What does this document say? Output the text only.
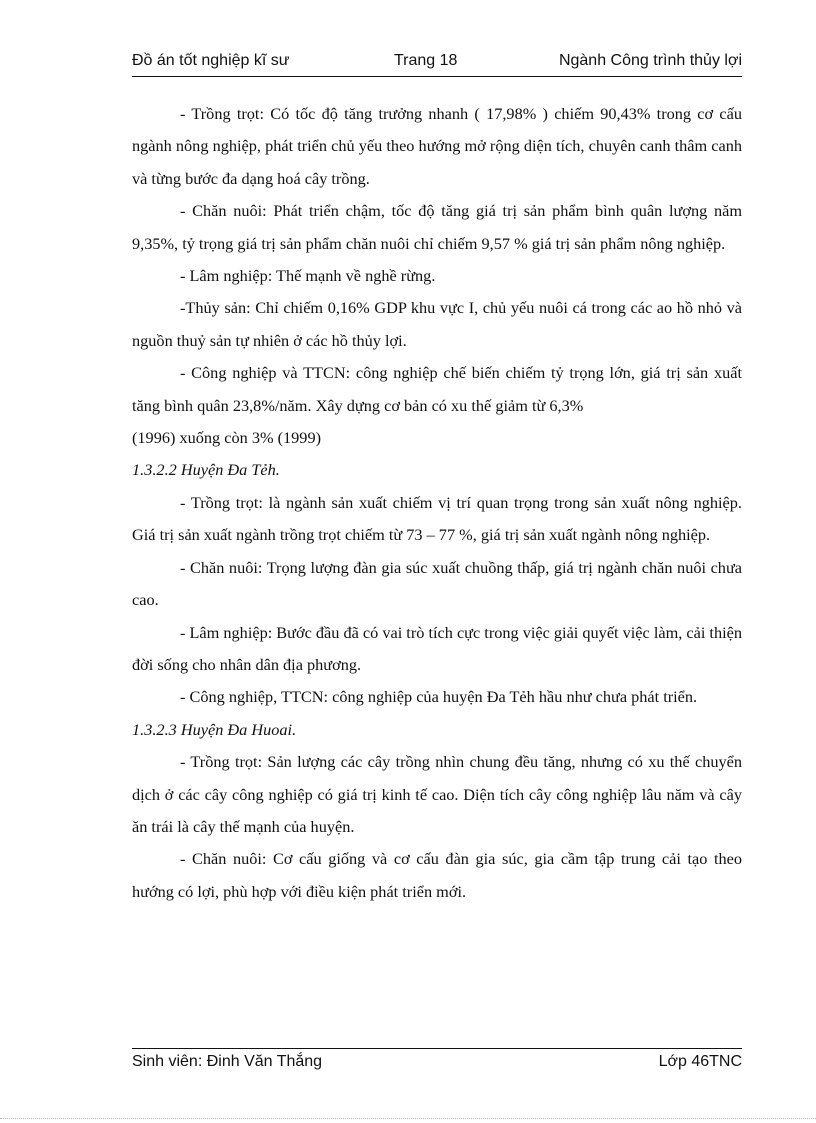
Đồ án tốt nghiệp kĩ sư	Trang 18	Ngành Công trình thủy lợi

- Trồng trọt: Có tốc độ tăng trưởng nhanh ( 17,98% ) chiếm 90,43% trong cơ cấu ngành nông nghiệp, phát triển chủ yếu theo hướng mở rộng diện tích, chuyên canh thâm canh và từng bước đa dạng hoá cây trồng.

- Chăn nuôi: Phát triển chậm, tốc độ tăng giá trị sản phẩm bình quân lượng năm 9,35%, tỷ trọng giá trị sản phẩm chăn nuôi chỉ chiếm 9,57 % giá trị sản phẩm nông nghiệp.

- Lâm nghiệp: Thế mạnh về nghề rừng.

-Thủy sản: Chỉ chiếm 0,16% GDP khu vực I, chủ yếu nuôi cá trong các ao hồ nhỏ và nguồn thuỷ sản tự nhiên ở các hồ thủy lợi.

- Công nghiệp và TTCN: công nghiệp chế biến chiếm tỷ trọng lớn, giá trị sản xuất tăng bình quân 23,8%/năm. Xây dựng cơ bản có xu thế giảm từ 6,3%

(1996) xuống còn 3% (1999)

1.3.2.2 Huyện Đa Tẻh.

- Trồng trọt: là ngành sản xuất chiếm vị trí quan trọng trong sản xuất nông nghiệp. Giá trị sản xuất ngành trồng trọt chiếm từ 73 – 77 %, giá trị sản xuất ngành nông nghiệp.

- Chăn nuôi: Trọng lượng đàn gia súc xuất chuồng thấp, giá trị ngành chăn nuôi chưa cao.

- Lâm nghiệp: Bước đầu đã có vai trò tích cực trong việc giải quyết việc làm, cải thiện đời sống cho nhân dân địa phương.

- Công nghiệp, TTCN: công nghiệp của huyện Đa Tẻh hầu như chưa phát triển.

1.3.2.3 Huyện Đa Huoai.

- Trồng trọt: Sản lượng các cây trồng nhìn chung đều tăng, nhưng có xu thế chuyển dịch ở các cây công nghiệp có giá trị kinh tế cao. Diện tích cây công nghiệp lâu năm và cây ăn trái là cây thế mạnh của huyện.

- Chăn nuôi: Cơ cấu giống và cơ cấu đàn gia súc, gia cầm tập trung cải tạo theo hướng có lợi, phù hợp với điều kiện phát triển mới.

Sinh viên: Đinh Văn Thắng	Lớp 46TNC
